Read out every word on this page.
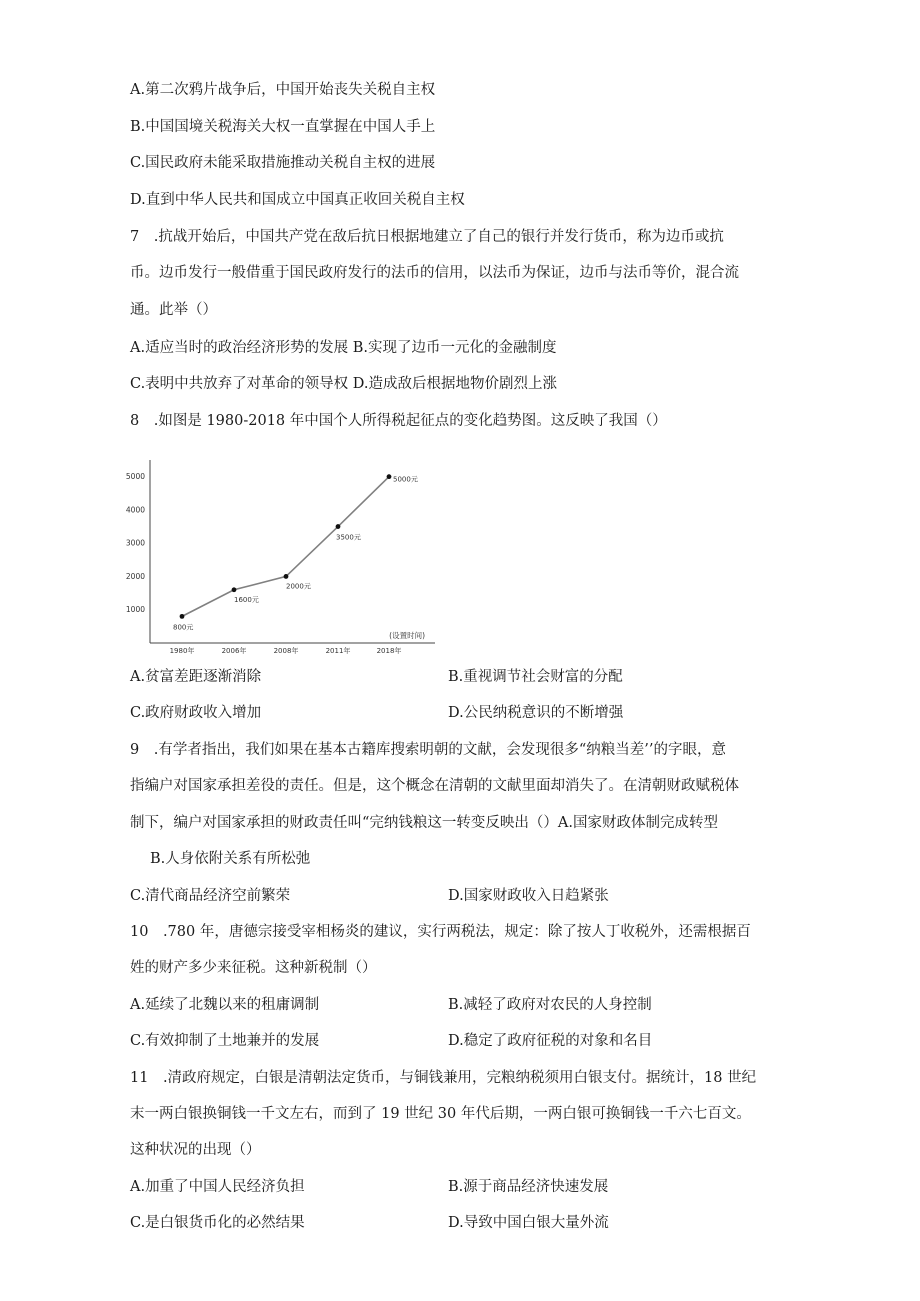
A.第二次鸦片战争后，中国开始丧失关税自主权
B.中国国境关税海关大权一直掌握在中国人手上
C.国民政府未能采取措施推动关税自主权的进展
D.直到中华人民共和国成立中国真正收回关税自主权
7　.抗战开始后，中国共产党在敌后抗日根据地建立了自己的银行并发行货币，称为边币或抗
币。边币发行一般借重于国民政府发行的法币的信用，以法币为保证，边币与法币等价，混合流
通。此举（）
A.适应当时的政治经济形势的发展 B.实现了边币一元化的金融制度
C.表明中共放弃了对革命的领导权 D.造成敌后根据地物价剧烈上涨
8　.如图是 1980-2018 年中国个人所得税起征点的变化趋势图。这反映了我国（）
1000
2000
3000
4000
5000
1980年	2006年	2008年	2011年	2018年
800元
1600元
2000元
3500元
5000元
(设置时间)
A.贫富差距逐渐消除	B.重视调节社会财富的分配
C.政府财政收入增加	D.公民纳税意识的不断增强
9　.有学者指出，我们如果在基本古籍库搜索明朝的文献，会发现很多“纳粮当差’’的字眼，意
指编户对国家承担差役的责任。但是，这个概念在清朝的文献里面却消失了。在清朝财政赋税体
制下，编户对国家承担的财政责任叫“完纳钱粮这一转变反映出（）A.国家财政体制完成转型
B.人身依附关系有所松弛
C.清代商品经济空前繁荣	D.国家财政收入日趋紧张
10　.780 年，唐德宗接受宰相杨炎的建议，实行两税法，规定：除了按人丁收税外，还需根据百
姓的财产多少来征税。这种新税制（）
A.延续了北魏以来的租庸调制	B.减轻了政府对农民的人身控制
C.有效抑制了土地兼并的发展	D.稳定了政府征税的对象和名目
11　.清政府规定，白银是清朝法定货币，与铜钱兼用，完粮纳税须用白银支付。据统计，18 世纪
末一两白银换铜钱一千文左右，而到了 19 世纪 30 年代后期，一两白银可换铜钱一千六七百文。
这种状况的出现（）
A.加重了中国人民经济负担	B.源于商品经济快速发展
C.是白银货币化的必然结果	D.导致中国白银大量外流
